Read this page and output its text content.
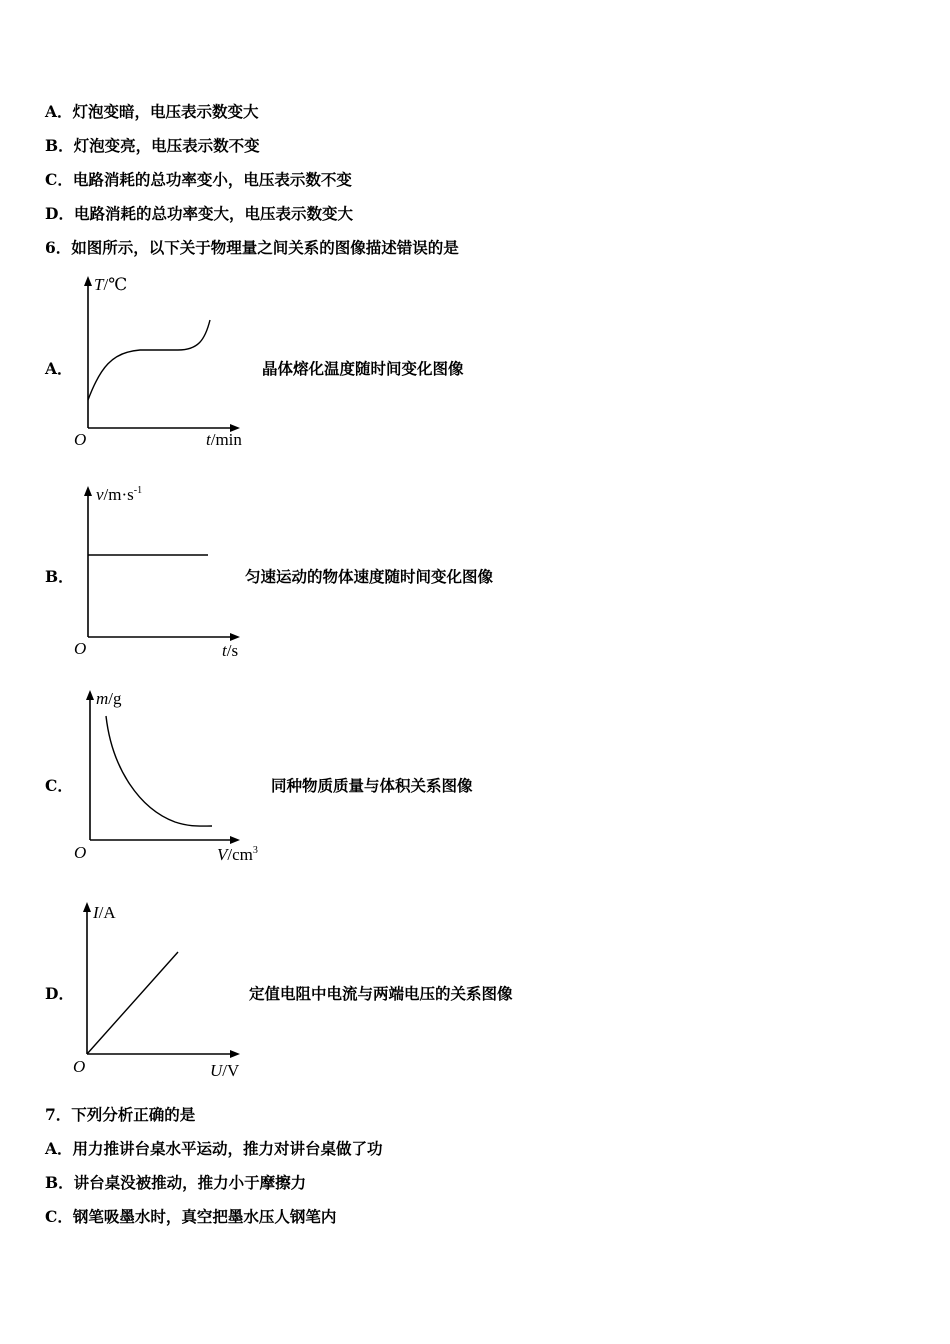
A．灯泡变暗，电压表示数变大
B．灯泡变亮，电压表示数不变
C．电路消耗的总功率变小，电压表示数不变
D．电路消耗的总功率变大，电压表示数变大
6．如图所示，以下关于物理量之间关系的图像描述错误的是
A．
T/℃
O	t/min
晶体熔化温度随时间变化图像
B．
$v/m\cdot s^{-1}$
O	t/s
匀速运动的物体速度随时间变化图像
C．
m/g
O	$V/cm^3$
同种物质质量与体积关系图像
D．
I/A
O	U/V
定值电阻中电流与两端电压的关系图像
7．下列分析正确的是
A．用力推讲台桌水平运动，推力对讲台桌做了功
B．讲台桌没被推动，推力小于摩擦力
C．钢笔吸墨水时，真空把墨水压人钢笔内
